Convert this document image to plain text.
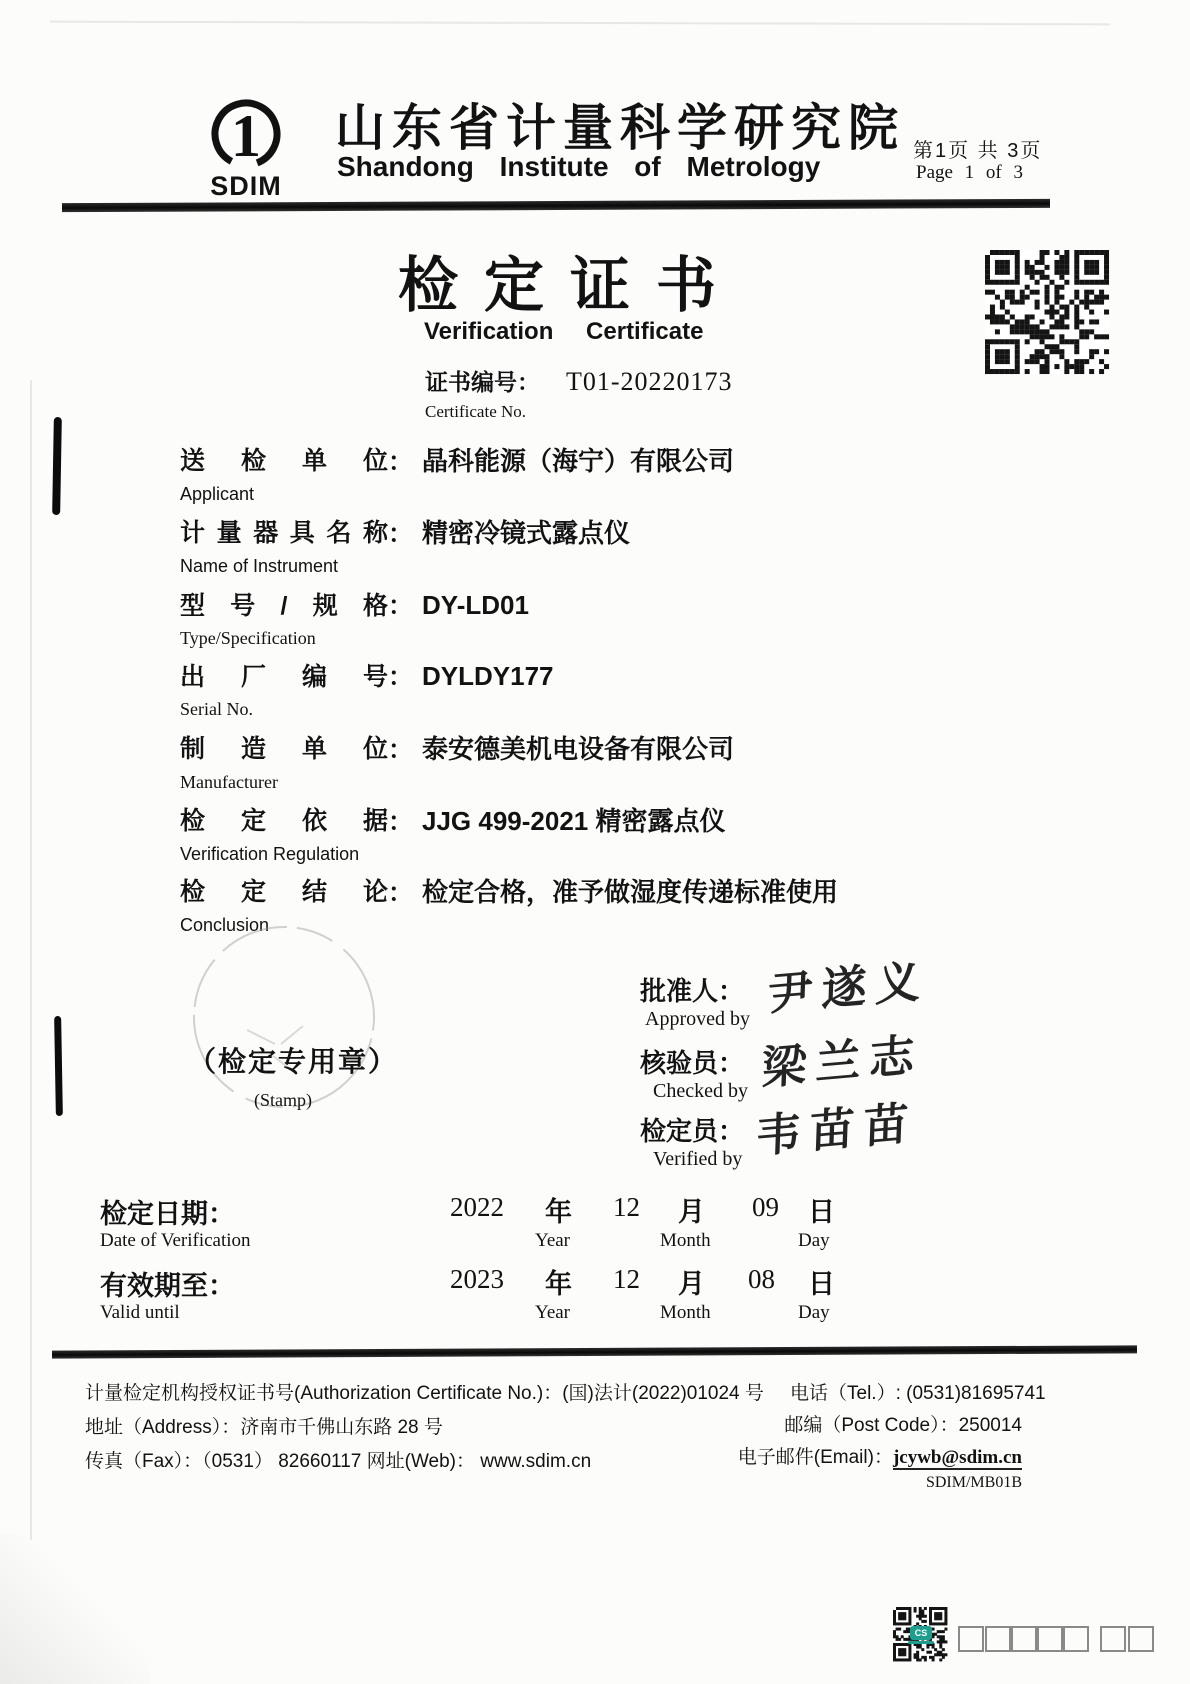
1
SDIM
山东省计量科学研究院
Shandong Institute of Metrology	第1页 共 3页
Page 1 of 3
检定证书
Verification Certificate
证书编号： T01-20220173
Certificate No.
送检单位： 晶科能源（海宁）有限公司
Applicant
计量器具名称： 精密冷镜式露点仪
Name of Instrument
型号/规格： DY-LD01
Type/Specification
出厂编号： DYLDY177
Serial No.
制造单位： 泰安德美机电设备有限公司
Manufacturer
检定依据： JJG 499-2021 精密露点仪
Verification Regulation
检定结论： 检定合格，准予做湿度传递标准使用
Conclusion
（检定专用章）
(Stamp)
批准人：
Approved by 尹遂义
核验员：
Checked by 梁兰志
检定员：
Verified by 韦苗苗
检定日期：
Date of Verification
2022 年
Year
12 月
Month
09 日
Day
有效期至：
Valid until
2023 年
Year
12 月
Month
08 日
Day
计量检定机构授权证书号(Authorization Certificate No.)：(国)法计(2022)01024 号
地址（Address）：济南市千佛山东路 28 号
传真（Fax）：（0531） 82660117 网址(Web)： www.sdim.cn
电话（Tel.）: (0531)81695741
邮编（Post Code）：250014
电子邮件(Email)：jcywb@sdim.cn
SDIM/MB01B
CS
